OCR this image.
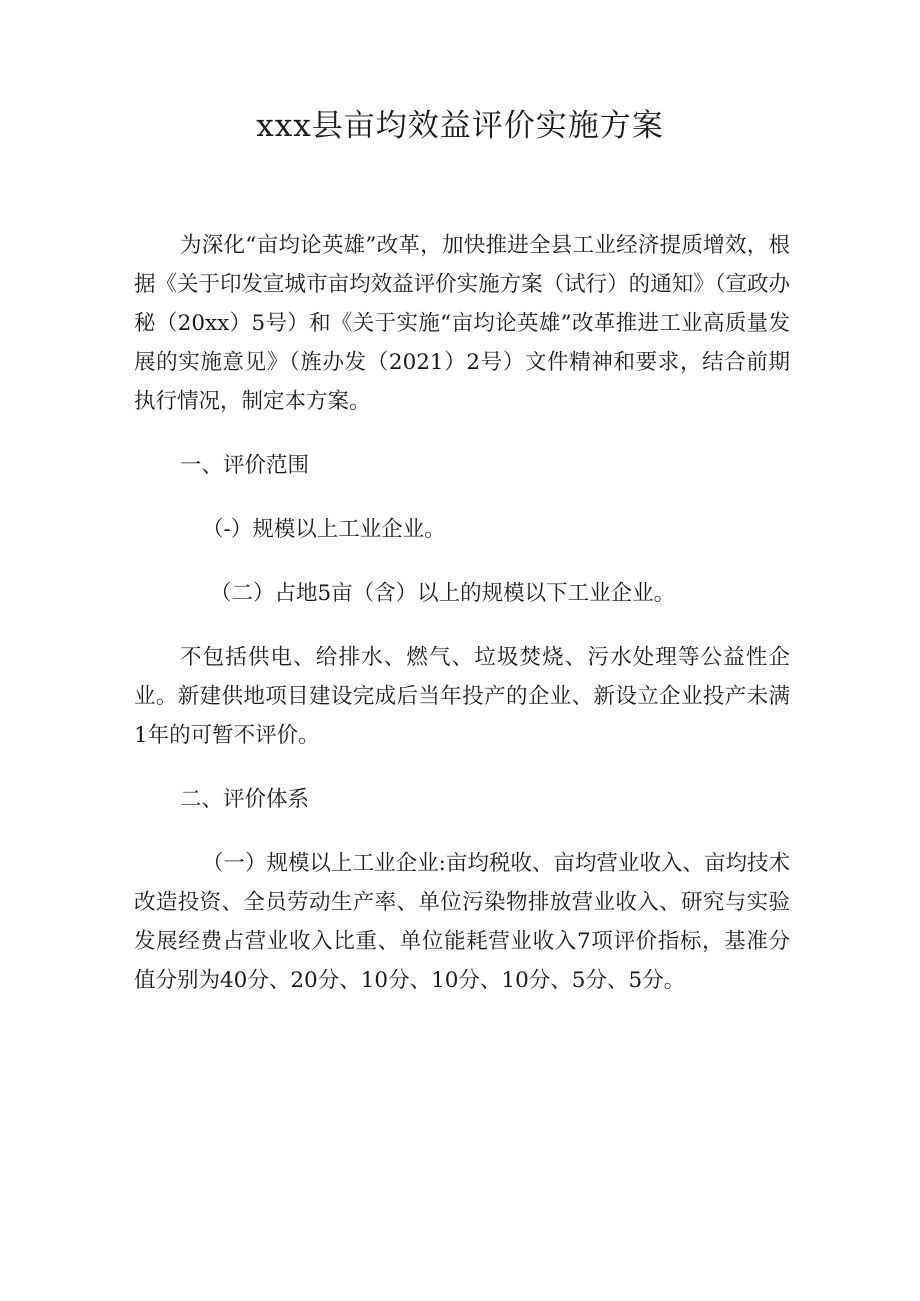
xxx县亩均效益评价实施方案

为深化“亩均论英雄”改革，加快推进全县工业经济提质增效，根据《关于印发宣城市亩均效益评价实施方案（试行）的通知》（宣政办秘（20xx）5号）和《关于实施“亩均论英雄”改革推进工业高质量发展的实施意见》（旌办发（2021）2号）文件精神和要求，结合前期执行情况，制定本方案。

一、评价范围

（-）规模以上工业企业。

（二）占地5亩（含）以上的规模以下工业企业。

不包括供电、给排水、燃气、垃圾焚烧、污水处理等公益性企业。新建供地项目建设完成后当年投产的企业、新设立企业投产未满1年的可暂不评价。

二、评价体系

（一）规模以上工业企业:亩均税收、亩均营业收入、亩均技术改造投资、全员劳动生产率、单位污染物排放营业收入、研究与实验发展经费占营业收入比重、单位能耗营业收入7项评价指标，基准分值分别为40分、20分、10分、10分、10分、5分、5分。
